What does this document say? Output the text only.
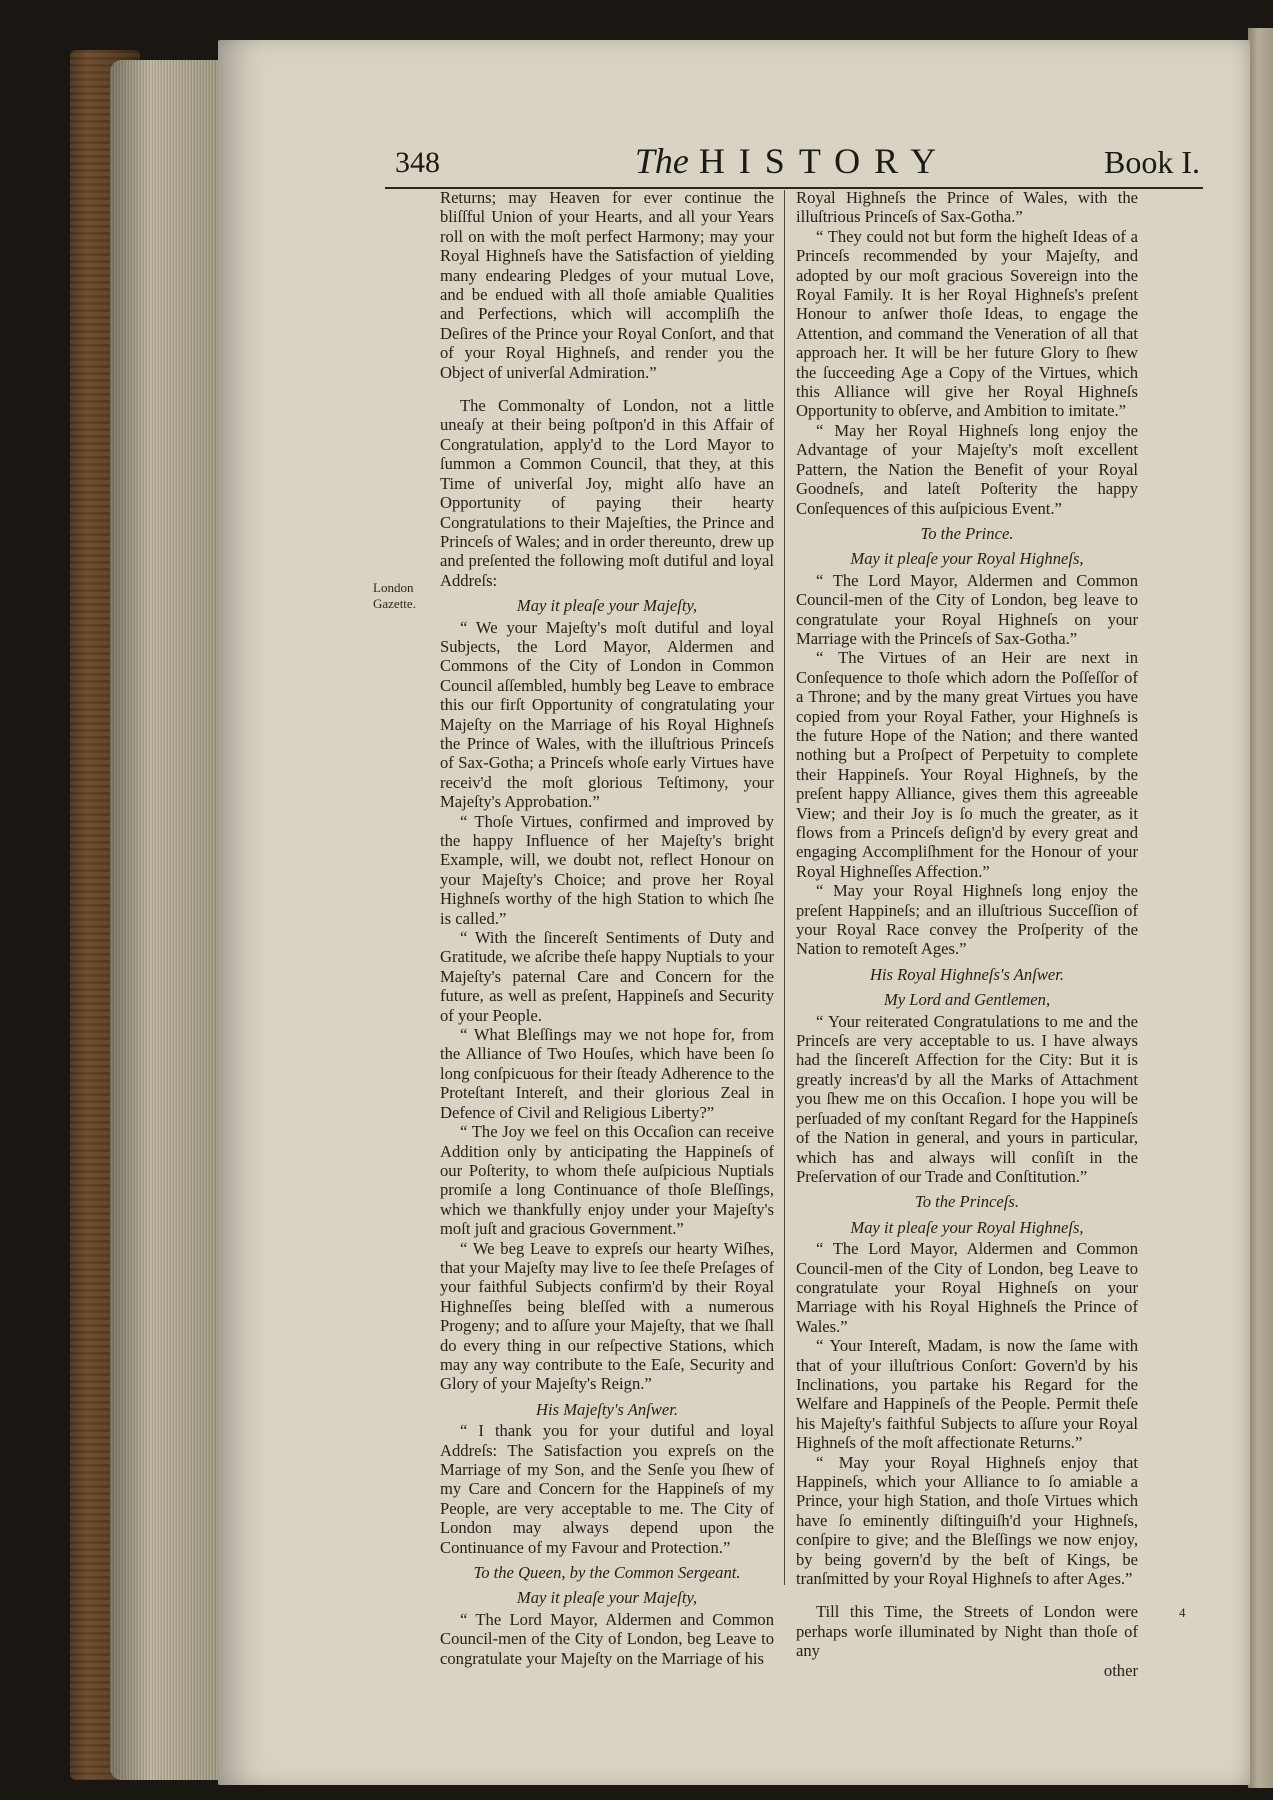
348	The HISTORY	Book I.
London
Gazette.

Returns; may Heaven for ever continue the bliſſful Union of your Hearts, and all your Years roll on with the moſt perfect Harmony; may your Royal Highneſs have the Satisfaction of yielding many endearing Pledges of your mutual Love, and be endued with all thoſe amiable Qualities and Perfections, which will accompliſh the Deſires of the Prince your Royal Conſort, and that of your Royal Highneſs, and render you the Object of univerſal Admiration.”

The Commonalty of London, not a little uneaſy at their being poſtpon'd in this Affair of Congratulation, apply'd to the Lord Mayor to ſummon a Common Council, that they, at this Time of univerſal Joy, might alſo have an Opportunity of paying their hearty Congratulations to their Majeſties, the Prince and Princeſs of Wales; and in order thereunto, drew up and preſented the following moſt dutiful and loyal Addreſs:

May it pleaſe your Majeſty,

“ We your Majeſty's moſt dutiful and loyal Subjects, the Lord Mayor, Aldermen and Commons of the City of London in Common Council aſſembled, humbly beg Leave to embrace this our firſt Opportunity of congratulating your Majeſty on the Marriage of his Royal Highneſs the Prince of Wales, with the illuſtrious Princeſs of Sax-Gotha; a Princeſs whoſe early Virtues have receiv'd the moſt glorious Teſtimony, your Majeſty's Approbation.”

“ Thoſe Virtues, confirmed and improved by the happy Influence of her Majeſty's bright Example, will, we doubt not, reflect Honour on your Majeſty's Choice; and prove her Royal Highneſs worthy of the high Station to which ſhe is called.”

“ With the ſincereſt Sentiments of Duty and Gratitude, we aſcribe theſe happy Nuptials to your Majeſty's paternal Care and Concern for the future, as well as preſent, Happineſs and Security of your People.

“ What Bleſſings may we not hope for, from the Alliance of Two Houſes, which have been ſo long conſpicuous for their ſteady Adherence to the Proteſtant Intereſt, and their glorious Zeal in Defence of Civil and Religious Liberty?”

“ The Joy we feel on this Occaſion can receive Addition only by anticipating the Happineſs of our Poſterity, to whom theſe auſpicious Nuptials promiſe a long Continuance of thoſe Bleſſings, which we thankfully enjoy under your Majeſty's moſt juſt and gracious Government.”

“ We beg Leave to expreſs our hearty Wiſhes, that your Majeſty may live to ſee theſe Preſages of your faithful Subjects confirm'd by their Royal Highneſſes being bleſſed with a numerous Progeny; and to aſſure your Majeſty, that we ſhall do every thing in our reſpective Stations, which may any way contribute to the Eaſe, Security and Glory of your Majeſty's Reign.”

His Majeſty's Anſwer.

“ I thank you for your dutiful and loyal Addreſs: The Satisfaction you expreſs on the Marriage of my Son, and the Senſe you ſhew of my Care and Concern for the Happineſs of my People, are very acceptable to me. The City of London may always depend upon the Continuance of my Favour and Protection.”

To the Queen, by the Common Sergeant.

May it pleaſe your Majeſty,

“ The Lord Mayor, Aldermen and Common Council-men of the City of London, beg Leave to congratulate your Majeſty on the Marriage of his

Royal Highneſs the Prince of Wales, with the illuſtrious Princeſs of Sax-Gotha.”

“ They could not but form the higheſt Ideas of a Princeſs recommended by your Majeſty, and adopted by our moſt gracious Sovereign into the Royal Family. It is her Royal Highneſs's preſent Honour to anſwer thoſe Ideas, to engage the Attention, and command the Veneration of all that approach her. It will be her future Glory to ſhew the ſucceeding Age a Copy of the Virtues, which this Alliance will give her Royal Highneſs Opportunity to obſerve, and Ambition to imitate.”

“ May her Royal Highneſs long enjoy the Advantage of your Majeſty's moſt excellent Pattern, the Nation the Benefit of your Royal Goodneſs, and lateſt Poſterity the happy Conſequences of this auſpicious Event.”

To the Prince.

May it pleaſe your Royal Highneſs,

“ The Lord Mayor, Aldermen and Common Council-men of the City of London, beg leave to congratulate your Royal Highneſs on your Marriage with the Princeſs of Sax-Gotha.”

“ The Virtues of an Heir are next in Conſequence to thoſe which adorn the Poſſeſſor of a Throne; and by the many great Virtues you have copied from your Royal Father, your Highneſs is the future Hope of the Nation; and there wanted nothing but a Proſpect of Perpetuity to complete their Happineſs. Your Royal Highneſs, by the preſent happy Alliance, gives them this agreeable View; and their Joy is ſo much the greater, as it flows from a Princeſs deſign'd by every great and engaging Accompliſhment for the Honour of your Royal Highneſſes Affection.”

“ May your Royal Highneſs long enjoy the preſent Happineſs; and an illuſtrious Succeſſion of your Royal Race convey the Proſperity of the Nation to remoteſt Ages.”

His Royal Highneſs's Anſwer.

My Lord and Gentlemen,

“ Your reiterated Congratulations to me and the Princeſs are very acceptable to us. I have always had the ſincereſt Affection for the City: But it is greatly increas'd by all the Marks of Attachment you ſhew me on this Occaſion. I hope you will be perſuaded of my conſtant Regard for the Happineſs of the Nation in general, and yours in particular, which has and always will conſiſt in the Preſervation of our Trade and Conſtitution.”

To the Princeſs.

May it pleaſe your Royal Highneſs,

“ The Lord Mayor, Aldermen and Common Council-men of the City of London, beg Leave to congratulate your Royal Highneſs on your Marriage with his Royal Highneſs the Prince of Wales.”

“ Your Intereſt, Madam, is now the ſame with that of your illuſtrious Conſort: Govern'd by his Inclinations, you partake his Regard for the Welfare and Happineſs of the People. Permit theſe his Majeſty's faithful Subjects to aſſure your Royal Highneſs of the moſt affectionate Returns.”

“ May your Royal Highneſs enjoy that Happineſs, which your Alliance to ſo amiable a Prince, your high Station, and thoſe Virtues which have ſo eminently diſtinguiſh'd your Highneſs, conſpire to give; and the Bleſſings we now enjoy, by being govern'd by the beſt of Kings, be tranſmitted by your Royal Highneſs to after Ages.”

Till this Time, the Streets of London were perhaps worſe illuminated by Night than thoſe of any

other

4
